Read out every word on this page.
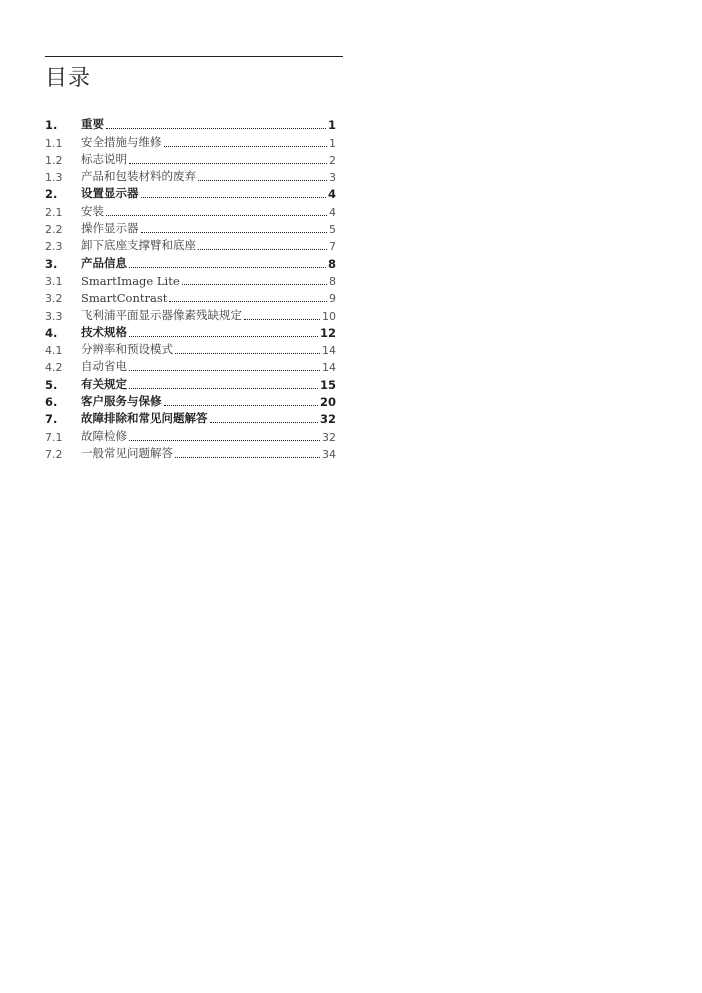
目录
1.	重要	1
1.1	安全措施与维修	1
1.2	标志说明	2
1.3	产品和包装材料的废弃	3
2.	设置显示器	4
2.1	安装	4
2.2	操作显示器	5
2.3	卸下底座支撑臂和底座	7
3.	产品信息	8
3.1	SmartImage Lite	8
3.2	SmartContrast	9
3.3	飞利浦平面显示器像素残缺规定	10
4.	技术规格	12
4.1	分辨率和预设模式	14
4.2	自动省电	14
5.	有关规定	15
6.	客户服务与保修	20
7.	故障排除和常见问题解答	32
7.1	故障检修	32
7.2	一般常见问题解答	34
